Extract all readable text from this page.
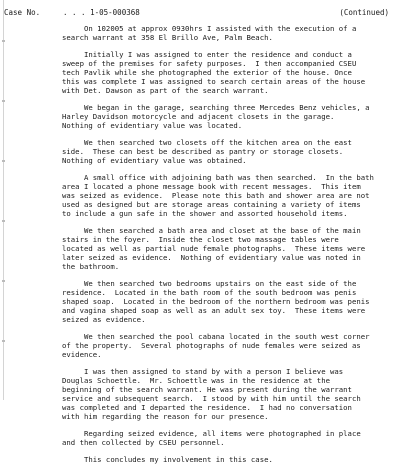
Case No.	. . . 1-05-000368	(Continued)
On 102005 at approx 0930hrs I assisted with the execution of a
search warrant at 358 El Brillo Ave, Palm Beach.
Initially I was assigned to enter the residence and conduct a
sweep of the premises for safety purposes.  I then accompanied CSEU
tech Pavlik while she photographed the exterior of the house. Once
this was complete I was assigned to search certain areas of the house
with Det. Dawson as part of the search warrant.
We began in the garage, searching three Mercedes Benz vehicles, a
Harley Davidson motorcycle and adjacent closets in the garage.
Nothing of evidentiary value was located.
We then searched two closets off the kitchen area on the east
side.  These can best be described as pantry or storage closets.
Nothing of evidentiary value was obtained.
A small office with adjoining bath was then searched.  In the bath
area I located a phone message book with recent messages.  This item
was seized as evidence.  Please note this bath and shower area are not
used as designed but are storage areas containing a variety of items
to include a gun safe in the shower and assorted household items.
We then searched a bath area and closet at the base of the main
stairs in the foyer.  Inside the closet two massage tables were
located as well as partial nude female photographs.  These items were
later seized as evidence.  Nothing of evidentiary value was noted in
the bathroom.
We then searched two bedrooms upstairs on the east side of the
residence.  Located in the bath room of the south bedroom was penis
shaped soap.  Located in the bedroom of the northern bedroom was penis
and vagina shaped soap as well as an adult sex toy.  These items were
seized as evidence.
We then searched the pool cabana located in the south west corner
of the property.  Several photographs of nude females were seized as
evidence.
I was then assigned to stand by with a person I believe was
Douglas Schoettle.  Mr. Schoettle was in the residence at the
beginning of the search warrant. He was present during the warrant
service and subsequent search.  I stood by with him until the search
was completed and I departed the residence.  I had no conversation
with him regarding the reason for our presence.
Regarding seized evidence, all items were photographed in place
and then collected by CSEU personnel.
This concludes my involvement in this case.
